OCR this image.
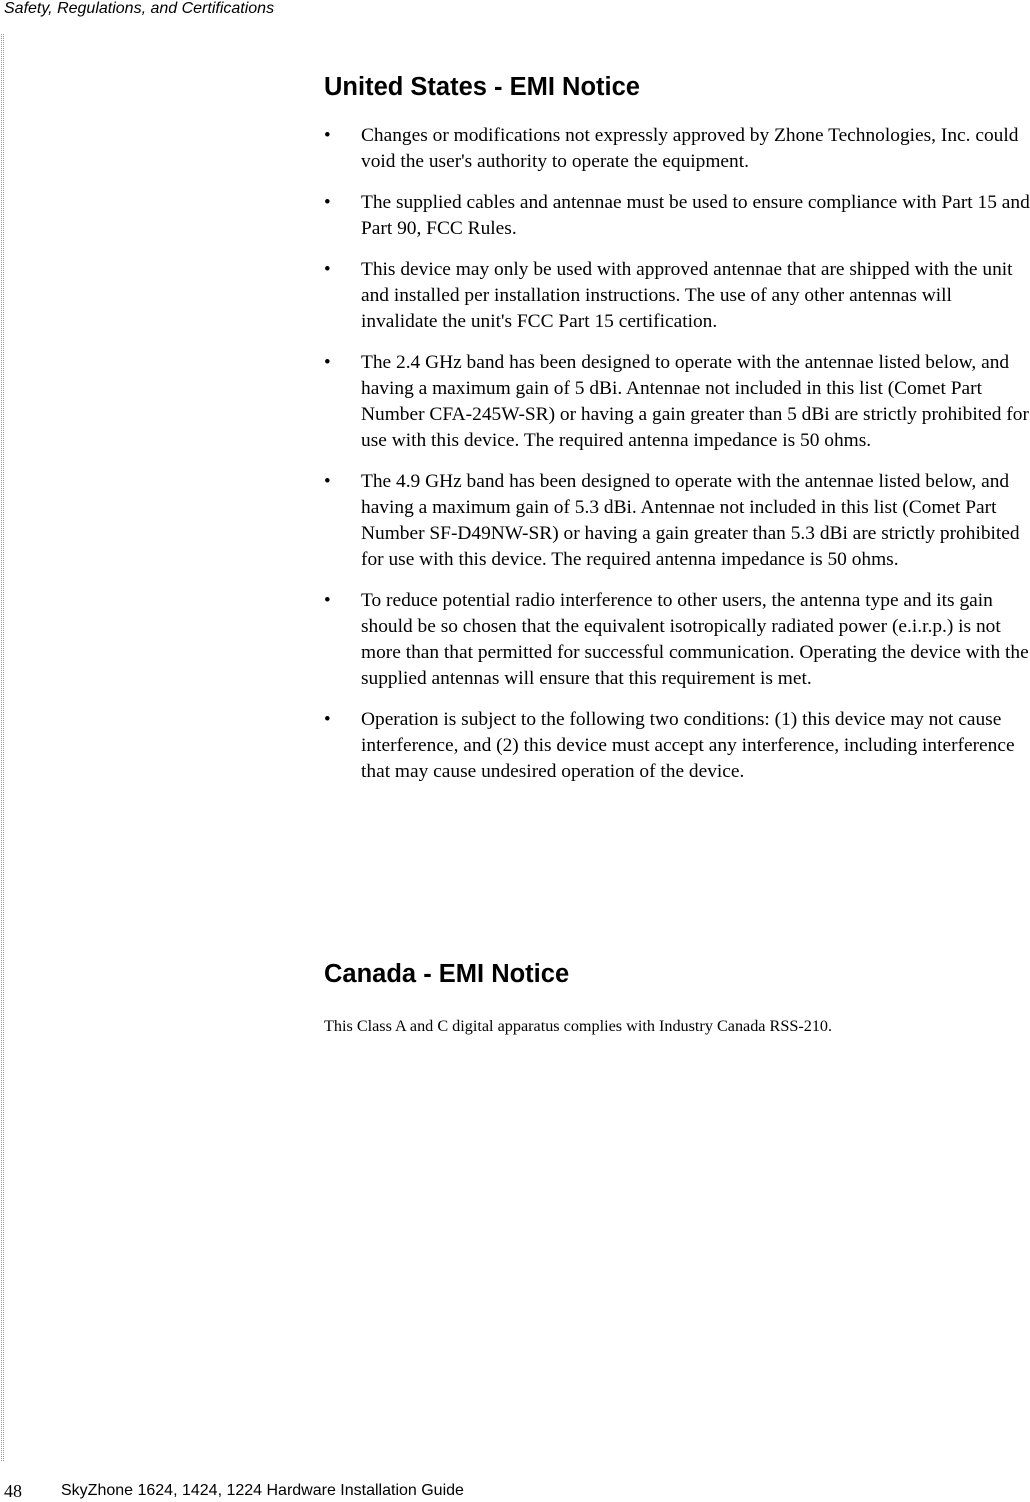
Safety, Regulations, and Certifications
United States - EMI Notice
• Changes or modifications not expressly approved by Zhone Technologies, Inc. could void the user's authority to operate the equipment.
• The supplied cables and antennae must be used to ensure compliance with Part 15 and Part 90, FCC Rules.
• This device may only be used with approved antennae that are shipped with the unit and installed per installation instructions. The use of any other antennas will invalidate the unit's FCC Part 15 certification.
• The 2.4 GHz band has been designed to operate with the antennae listed below, and having a maximum gain of 5 dBi. Antennae not included in this list (Comet Part Number CFA-245W-SR) or having a gain greater than 5 dBi are strictly prohibited for use with this device. The required antenna impedance is 50 ohms.
• The 4.9 GHz band has been designed to operate with the antennae listed below, and having a maximum gain of 5.3 dBi. Antennae not included in this list (Comet Part Number SF-D49NW-SR) or having a gain greater than 5.3 dBi are strictly prohibited for use with this device. The required antenna impedance is 50 ohms.
• To reduce potential radio interference to other users, the antenna type and its gain should be so chosen that the equivalent isotropically radiated power (e.i.r.p.) is not more than that permitted for successful communication. Operating the device with the supplied antennas will ensure that this requirement is met.
• Operation is subject to the following two conditions: (1) this device may not cause interference, and (2) this device must accept any interference, including interference that may cause undesired operation of the device.
Canada - EMI Notice

This Class A and C digital apparatus complies with Industry Canada RSS-210.

48 SkyZhone 1624, 1424, 1224 Hardware Installation Guide
